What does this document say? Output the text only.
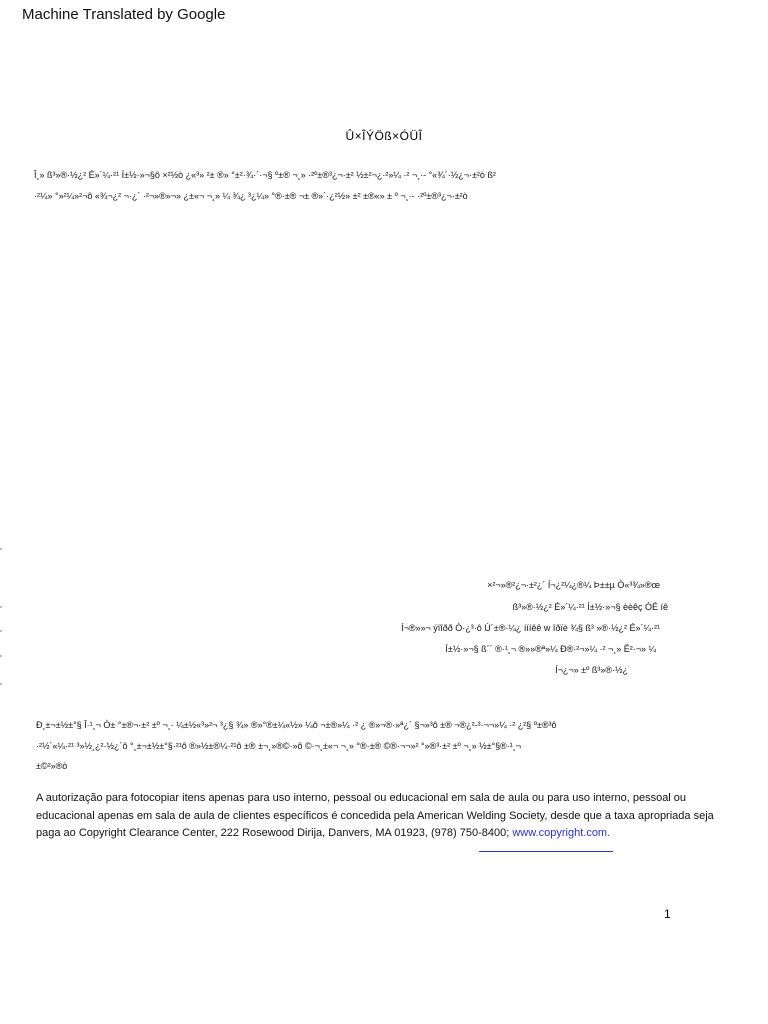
Machine Translated by Google
Û×ÎÝÖß×ÓÜÎ
Î¸» ß³»®·½¿² É»´¼·²¹ Í±½·»¬§ô ×²½ò ¿«³» ²± ®» °±²·¾·´·¬§ º±® ¬¸» ·²º±®³¿¬·±² ½±²¬¿·²»¼ ·² ¬¸·- °«¾´·½¿¬·±²ò ß²
·²¼» °»²¼»²¬ô «¾¬¿² ¬·¿´ ·²¬»®»¬» ¿±«¬ ¬¸» ¼ ¾¿ ³¿¼» °®·±® ¬± ®»´·¿²½» ±² ±®«» ± º ¬¸·- ·²º±®³¿¬·±²ò
×²¬»®²¿¬·±²¿´ Í¬¿²¼¿®¼ Þ±±µ Ò«³¾»®œ
ß³»®·½¿² É»´¼·²¹ Í±½·»¬§ èèêç ÒÉ íê
Í¬®»»¬ ýïîðð Ó·¿³·ô Ú´±®·¼¿ íííêê w îðïè ¾§ ß³ »®·½¿² É»´¼·²¹
Í±½·»¬§ ß´´ ®·¹¸¬ ®»»®ª»¼ Ð®·²¬»¼ ·² ¬¸» Ë²·¬» ¼
Í¬¿¬» ±º ß³»®·½¿
Ð¸±¬±½±°§ Î·¹¸¬ Ò± °±®¬·±² ±º ¬¸· ¼±½«³»²¬ ³¿§ ¾» ®»°®±¼«½» ¼ô ¬±®»¼ ·² ¿ ®»¬®·»ª¿´ §¬»³ô ±® ¬®¿²-³·¬¬»¼ ·² ¿²§ º±®³ô
·²½´«¼·²¹ ³»½¸¿²·½¿´ô °¸±¬±½±°§·²¹ô ®»½±®¼·²¹ô ±® ±¬¸»®©·»ô ©·¬¸±«¬ ¬¸» °®·±® ©®·¬¬»² °»®³·±² ±º ¬¸» ½±°§®·¹¸¬
±©²»®ò
A autorização para fotocopiar itens apenas para uso interno, pessoal ou educacional em sala de aula ou para uso interno, pessoal ou educacional apenas em sala de aula de clientes específicos é concedida pela American Welding Society, desde que a taxa apropriada seja paga ao Copyright Clearance Center, 222 Rosewood Dirija, Danvers, MA 01923, (978) 750-8400; www.copyright.com.
1
